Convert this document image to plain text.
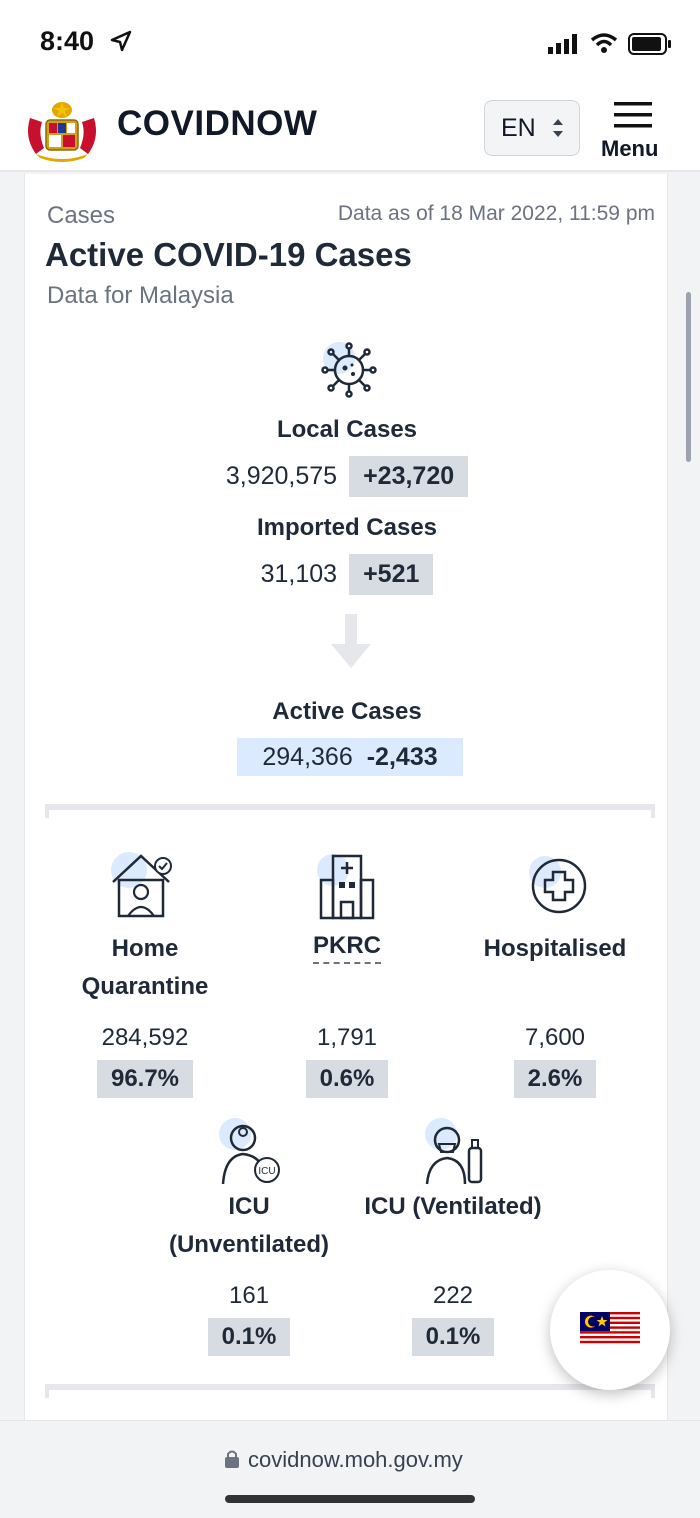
8:40
COVIDNOW	EN
Menu
Cases	Data as of 18 Mar 2022, 11:59 pm
Active COVID-19 Cases
Data for Malaysia
Local Cases
3,920,575	+23,720
Imported Cases
31,103	+521
Active Cases
294,366 -2,433
Home Quarantine
284,592
96.7%
PKRC
1,791
0.6%
Hospitalised
7,600
2.6%
ICU
ICU (Unventilated)
161
0.1%
ICU (Ventilated)
222
0.1%
covidnow.moh.gov.my
